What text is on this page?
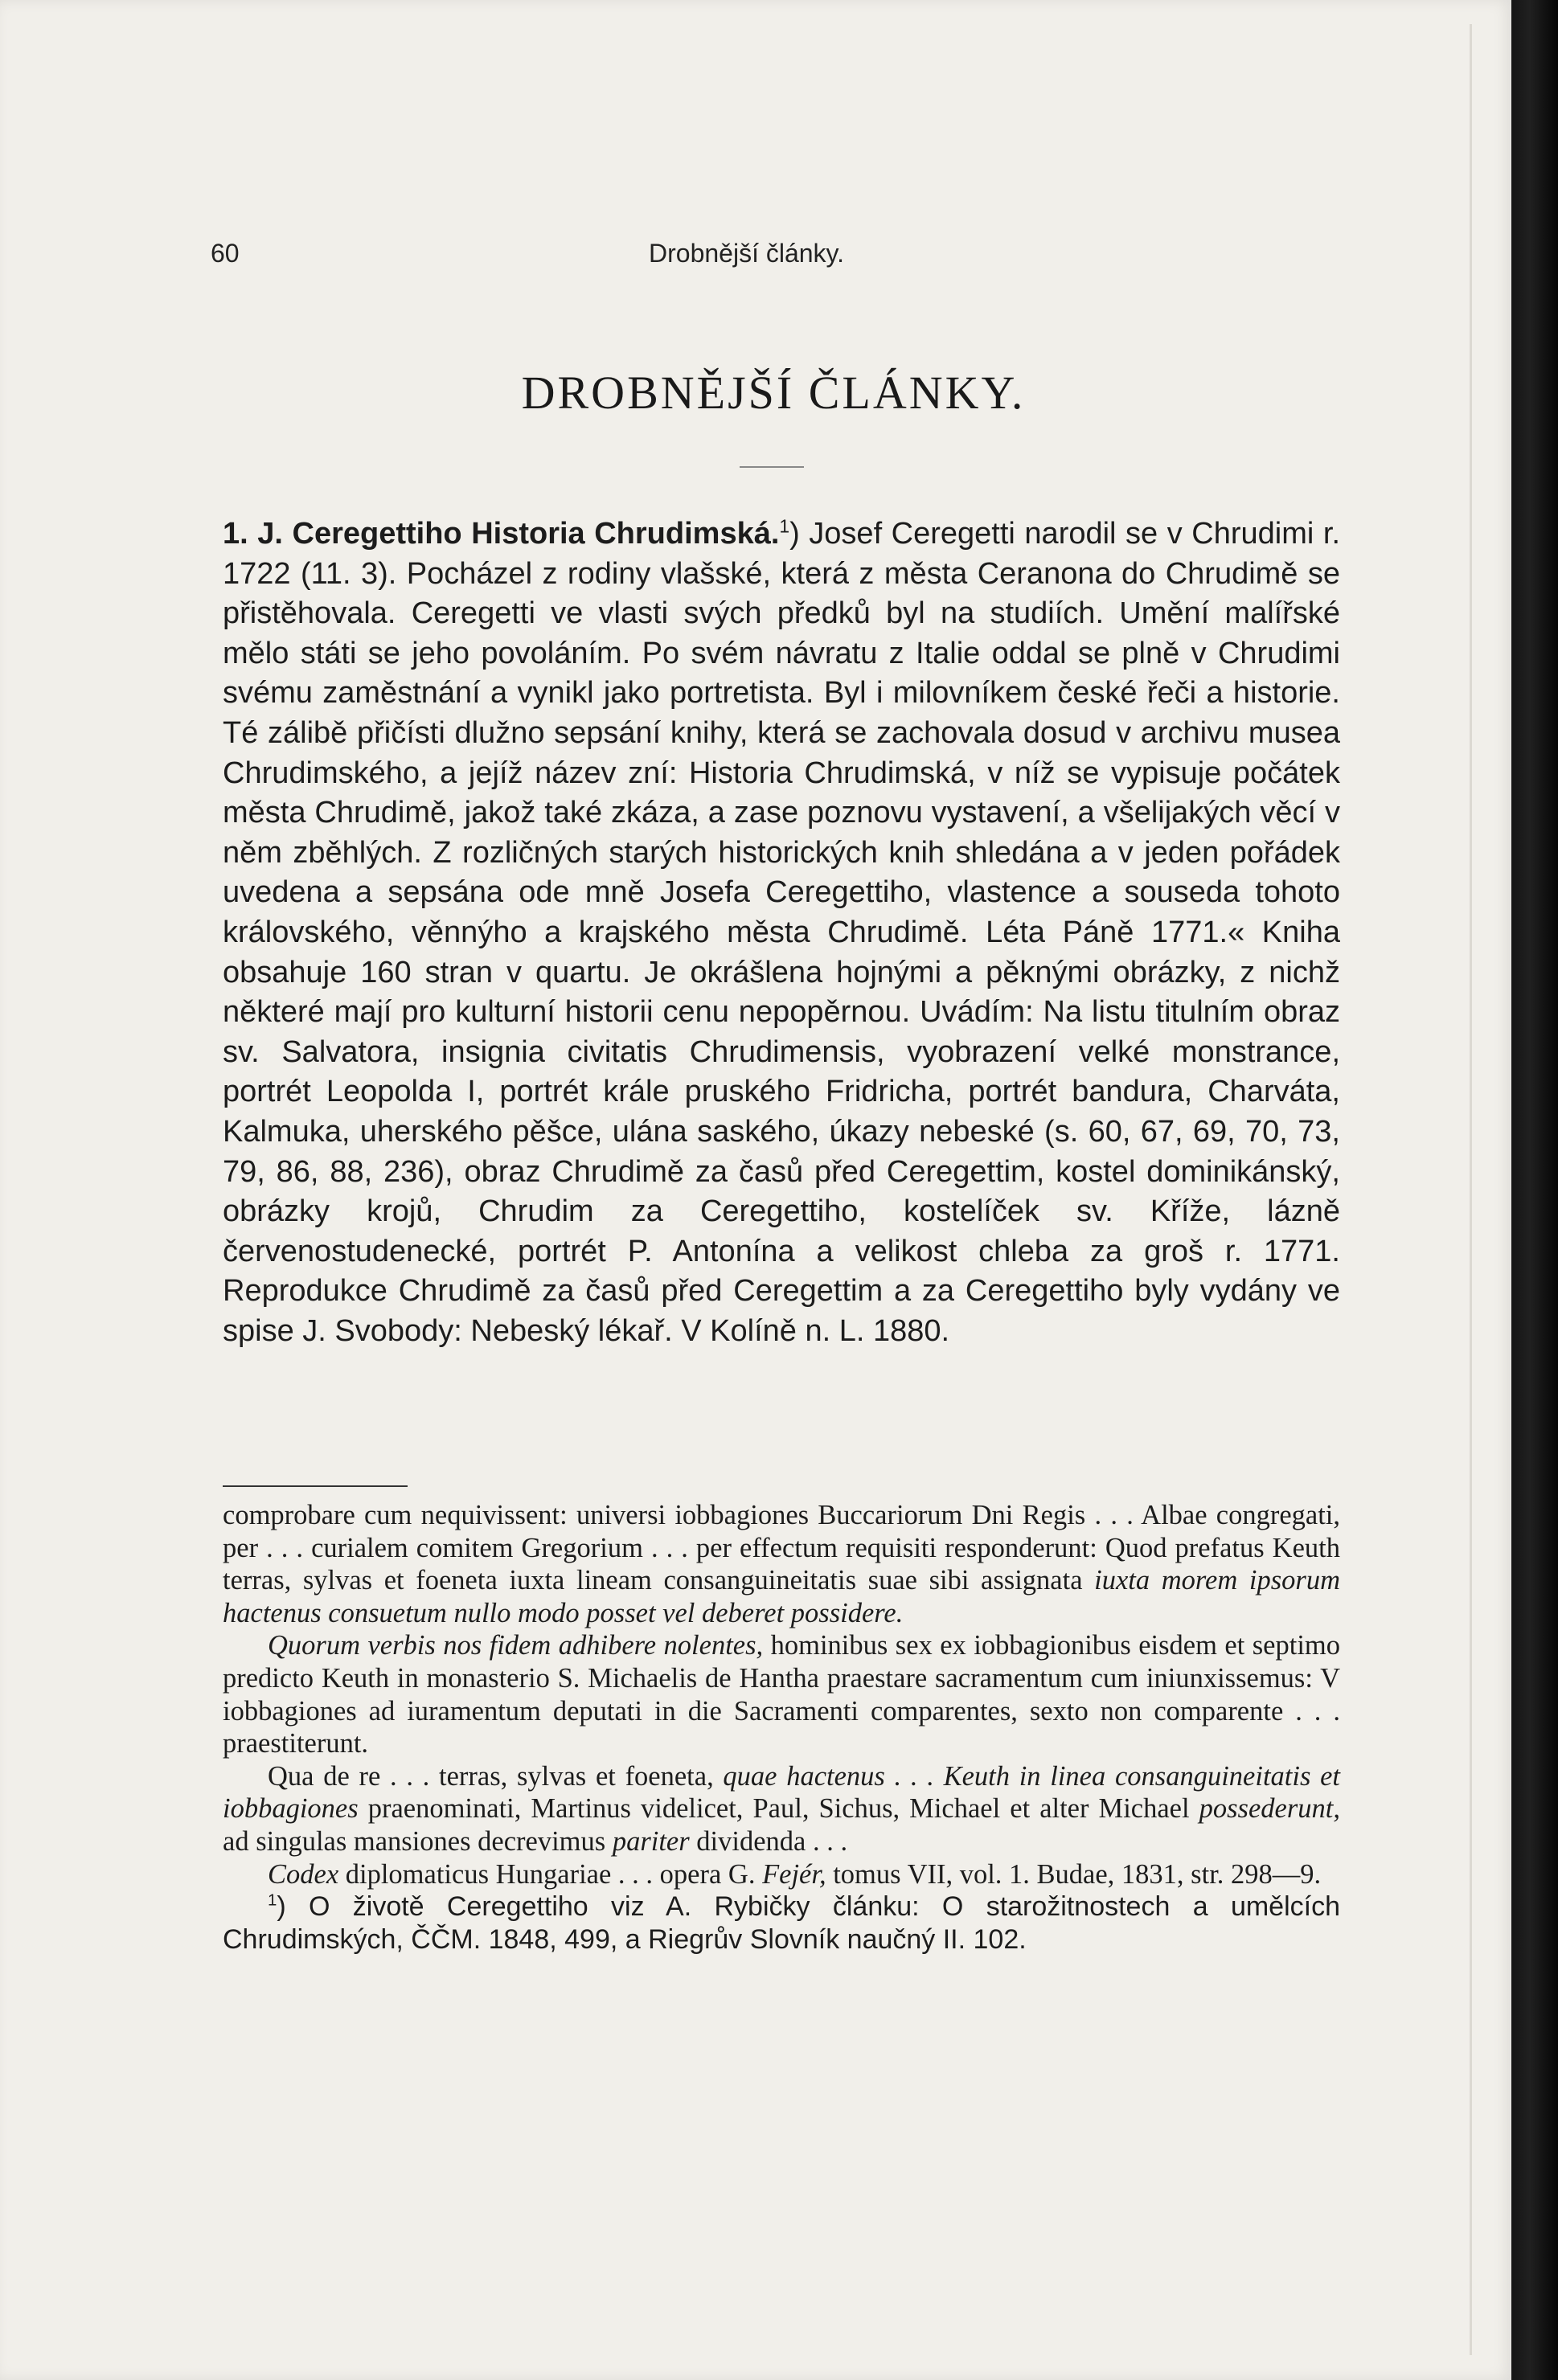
60	Drobnější články.
DROBNĚJŠÍ ČLÁNKY.
1. J. Ceregettiho Historia Chrudimská.$^1$) Josef Ceregetti narodil se v Chrudimi r. 1722 (11. 3). Pocházel z rodiny vlašské, která z města Ceranona do Chrudimě se přistěhovala. Ceregetti ve vlasti svých předků byl na studiích. Umění malířské mělo státi se jeho povoláním. Po svém návratu z Italie oddal se plně v Chrudimi svému zaměstnání a vynikl jako portretista. Byl i milovníkem české řeči a historie. Té zálibě přičísti dlužno sepsání knihy, která se zachovala dosud v archivu musea Chrudimského, a jejíž název zní: Historia Chrudimská, v níž se vypisuje počátek města Chrudimě, jakož také zkáza, a zase poznovu vystavení, a všelijakých věcí v něm zběhlých. Z rozličných starých historických knih shledána a v jeden pořádek uvedena a sepsána ode mně Josefa Ceregettiho, vlastence a souseda tohoto královského, věnnýho a krajského města Chrudimě. Léta Páně 1771.« Kniha obsahuje 160 stran v quartu. Je okrášlena hojnými a pěknými obrázky, z nichž některé mají pro kulturní historii cenu nepopěrnou. Uvádím: Na listu titulním obraz sv. Salvatora, insignia civitatis Chrudimensis, vyobrazení velké monstrance, portrét Leopolda I, portrét krále pruského Fridricha, portrét bandura, Charváta, Kalmuka, uherského pěšce, ulána saského, úkazy nebeské (s. 60, 67, 69, 70, 73, 79, 86, 88, 236), obraz Chrudimě za časů před Ceregettim, kostel dominikánský, obrázky krojů, Chrudim za Ceregettiho, kostelíček sv. Kříže, lázně červenostudenecké, portrét P. Antonína a velikost chleba za groš r. 1771. Reprodukce Chrudimě za časů před Ceregettim a za Ceregettiho byly vydány ve spise J. Svobody: Nebeský lékař. V Kolíně n. L. 1880.

comprobare cum nequivissent: universi iobbagiones Buccariorum Dni Regis . . . Albae congregati, per . . . curialem comitem Gregorium . . . per effectum requisiti responderunt: Quod prefatus Keuth terras, sylvas et foeneta iuxta lineam consanguineitatis suae sibi assignata iuxta morem ipsorum hactenus consuetum nullo modo posset vel deberet possidere.

Quorum verbis nos fidem adhibere nolentes, hominibus sex ex iobbagionibus eisdem et septimo predicto Keuth in monasterio S. Michaelis de Hantha praestare sacramentum cum iniunxissemus: V iobbagiones ad iuramentum deputati in die Sacramenti comparentes, sexto non comparente . . . praestiterunt.

Qua de re . . . terras, sylvas et foeneta, quae hactenus . . . Keuth in linea consanguineitatis et iobbagiones praenominati, Martinus videlicet, Paul, Sichus, Michael et alter Michael possederunt, ad singulas mansiones decrevimus pariter dividenda . . .

Codex diplomaticus Hungariae . . . opera G. Fejér, tomus VII, vol. 1. Budae, 1831, str. 298—9.

$^1$) O životě Ceregettiho viz A. Rybičky článku: O starožitnostech a umělcích Chrudimských, ČČM. 1848, 499, a Riegrův Slovník naučný II. 102.
